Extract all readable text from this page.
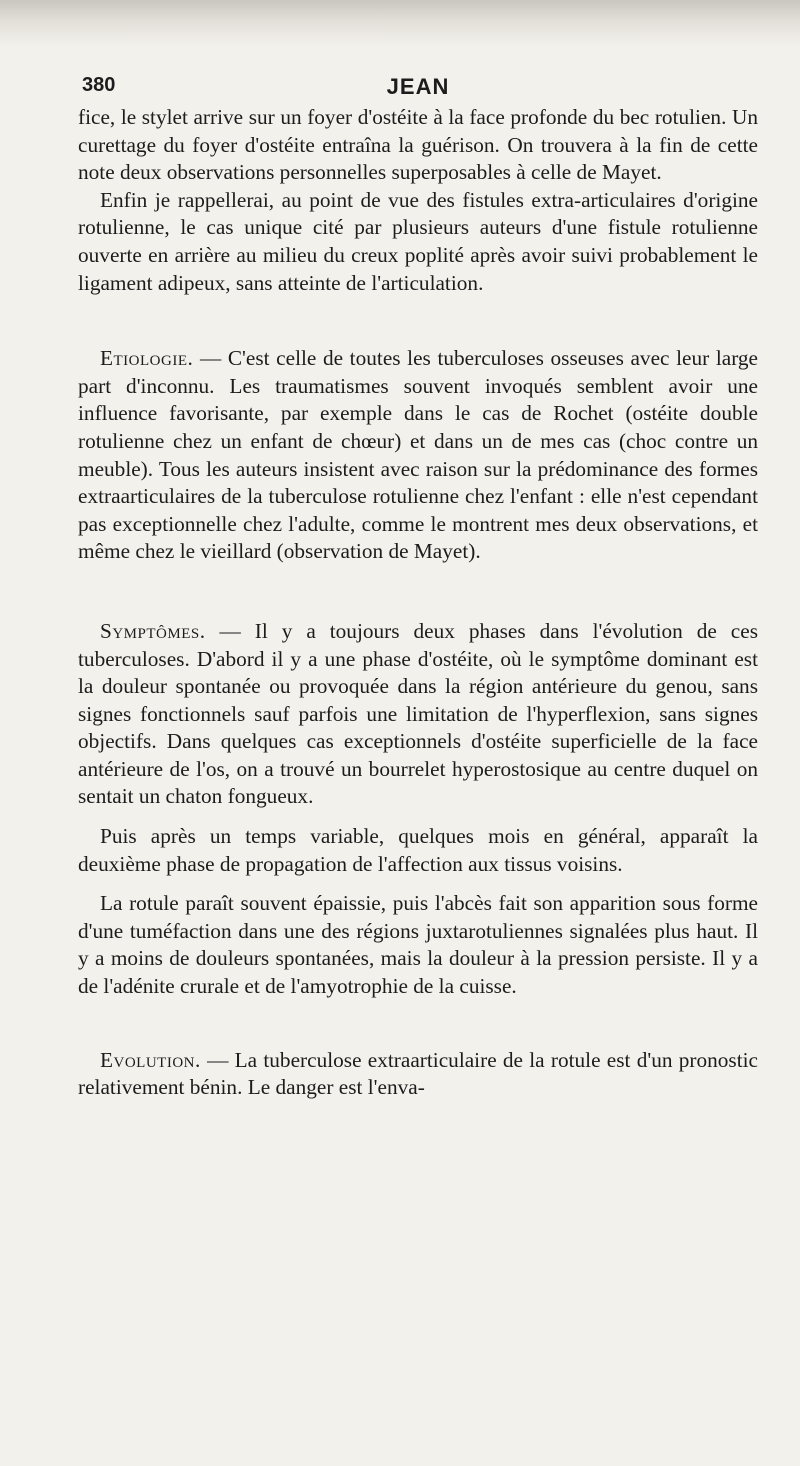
380	JEAN

fice, le stylet arrive sur un foyer d'ostéite à la face profonde du bec rotulien. Un curettage du foyer d'ostéite entraîna la guérison. On trouvera à la fin de cette note deux observations personnelles superposables à celle de Mayet.

Enfin je rappellerai, au point de vue des fistules extra-articulaires d'origine rotulienne, le cas unique cité par plusieurs auteurs d'une fistule rotulienne ouverte en arrière au milieu du creux poplité après avoir suivi probablement le ligament adipeux, sans atteinte de l'articulation.

Etiologie. — C'est celle de toutes les tuberculoses osseuses avec leur large part d'inconnu. Les traumatismes souvent invoqués semblent avoir une influence favorisante, par exemple dans le cas de Rochet (ostéite double rotulienne chez un enfant de chœur) et dans un de mes cas (choc contre un meuble). Tous les auteurs insistent avec raison sur la prédominance des formes extraarticulaires de la tuberculose rotulienne chez l'enfant : elle n'est cependant pas exceptionnelle chez l'adulte, comme le montrent mes deux observations, et même chez le vieillard (observation de Mayet).

Symptômes. — Il y a toujours deux phases dans l'évolution de ces tuberculoses. D'abord il y a une phase d'ostéite, où le symptôme dominant est la douleur spontanée ou provoquée dans la région antérieure du genou, sans signes fonctionnels sauf parfois une limitation de l'hyperflexion, sans signes objectifs. Dans quelques cas exceptionnels d'ostéite superficielle de la face antérieure de l'os, on a trouvé un bourrelet hyperostosique au centre duquel on sentait un chaton fongueux.

Puis après un temps variable, quelques mois en général, apparaît la deuxième phase de propagation de l'affection aux tissus voisins.

La rotule paraît souvent épaissie, puis l'abcès fait son apparition sous forme d'une tuméfaction dans une des régions juxtarotuliennes signalées plus haut. Il y a moins de douleurs spontanées, mais la douleur à la pression persiste. Il y a de l'adénite crurale et de l'amyotrophie de la cuisse.

Evolution. — La tuberculose extraarticulaire de la rotule est d'un pronostic relativement bénin. Le danger est l'enva-
